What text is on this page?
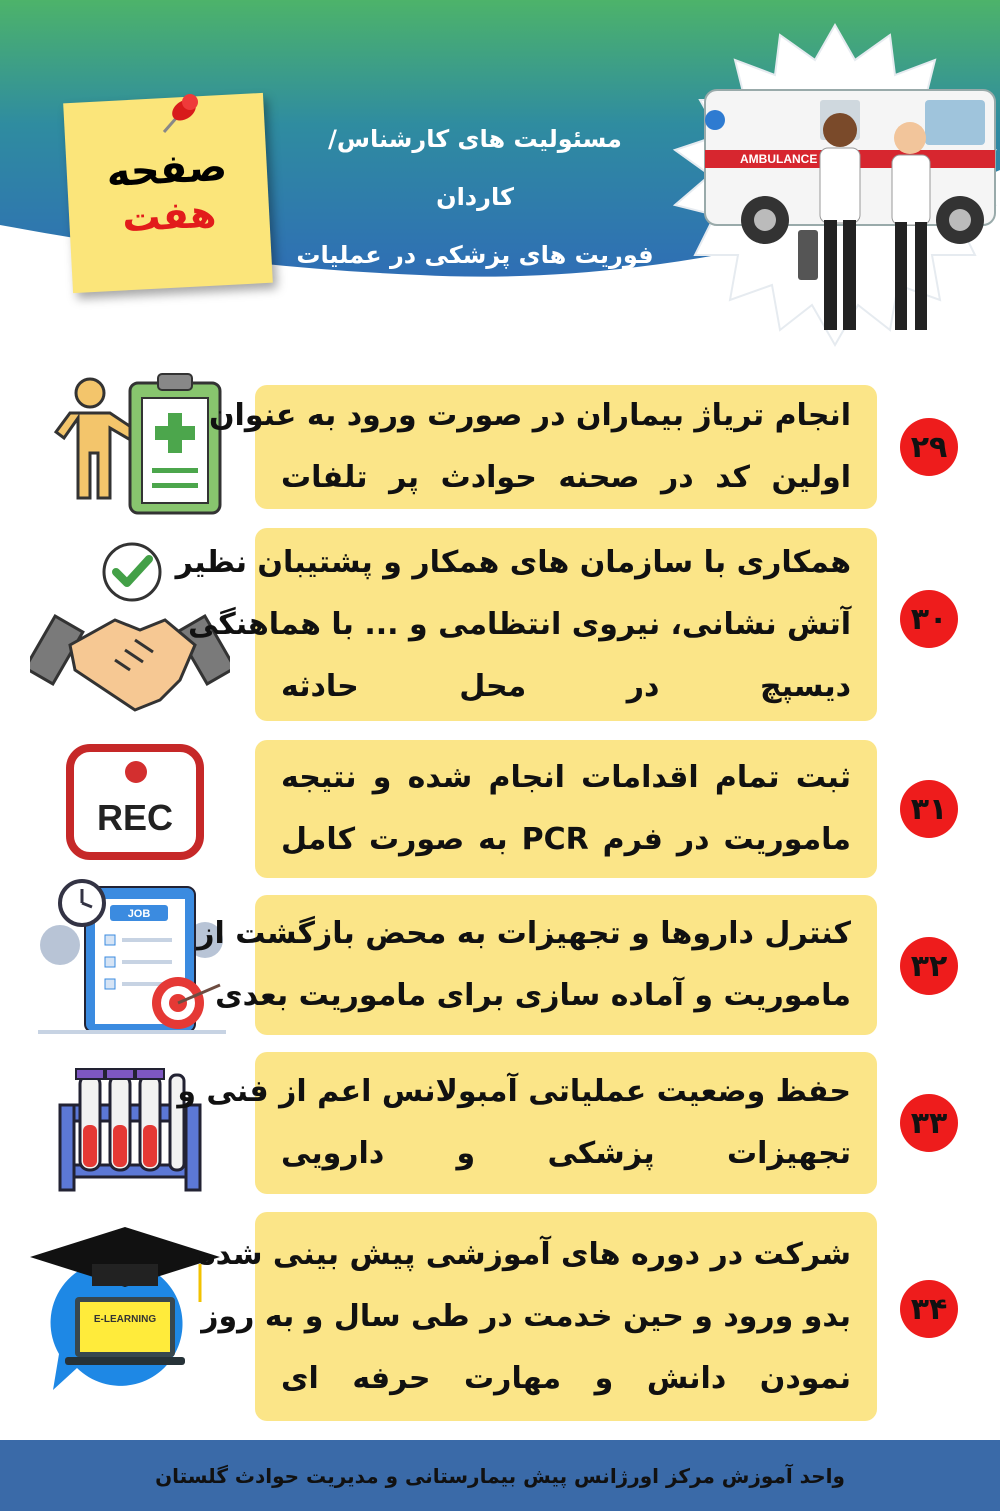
صفحه
هفت
مسئولیت های کارشناس/کاردان
فوریت های پزشکی در عملیات
AMBULANCE
انجام تریاژ بیماران در صورت ورود به عنوان
اولین کد در صحنه حوادث پر تلفات
۲۹
همکاری با سازمان های همکار و پشتیبان نظیر
آتش نشانی، نیروی انتظامی و ... با هماهنگی
دیسپچ در محل حادثه
۳۰
REC
ثبت تمام اقدامات انجام شده و نتیجه
ماموریت در فرم PCR به صورت کامل
۳۱
JOB
کنترل داروها و تجهیزات به محض بازگشت از
ماموریت و آماده سازی برای ماموریت بعدی
۳۲
حفظ وضعیت عملیاتی آمبولانس اعم از فنی و
تجهیزات پزشکی و دارویی
۳۳
E-LEARNING
شرکت در دوره های آموزشی پیش بینی شده
بدو ورود و حین خدمت در طی سال و به روز
نمودن دانش و مهارت حرفه ای
۳۴
واحد آموزش مرکز اورژانس پیش بیمارستانی و مدیریت حوادث گلستان
